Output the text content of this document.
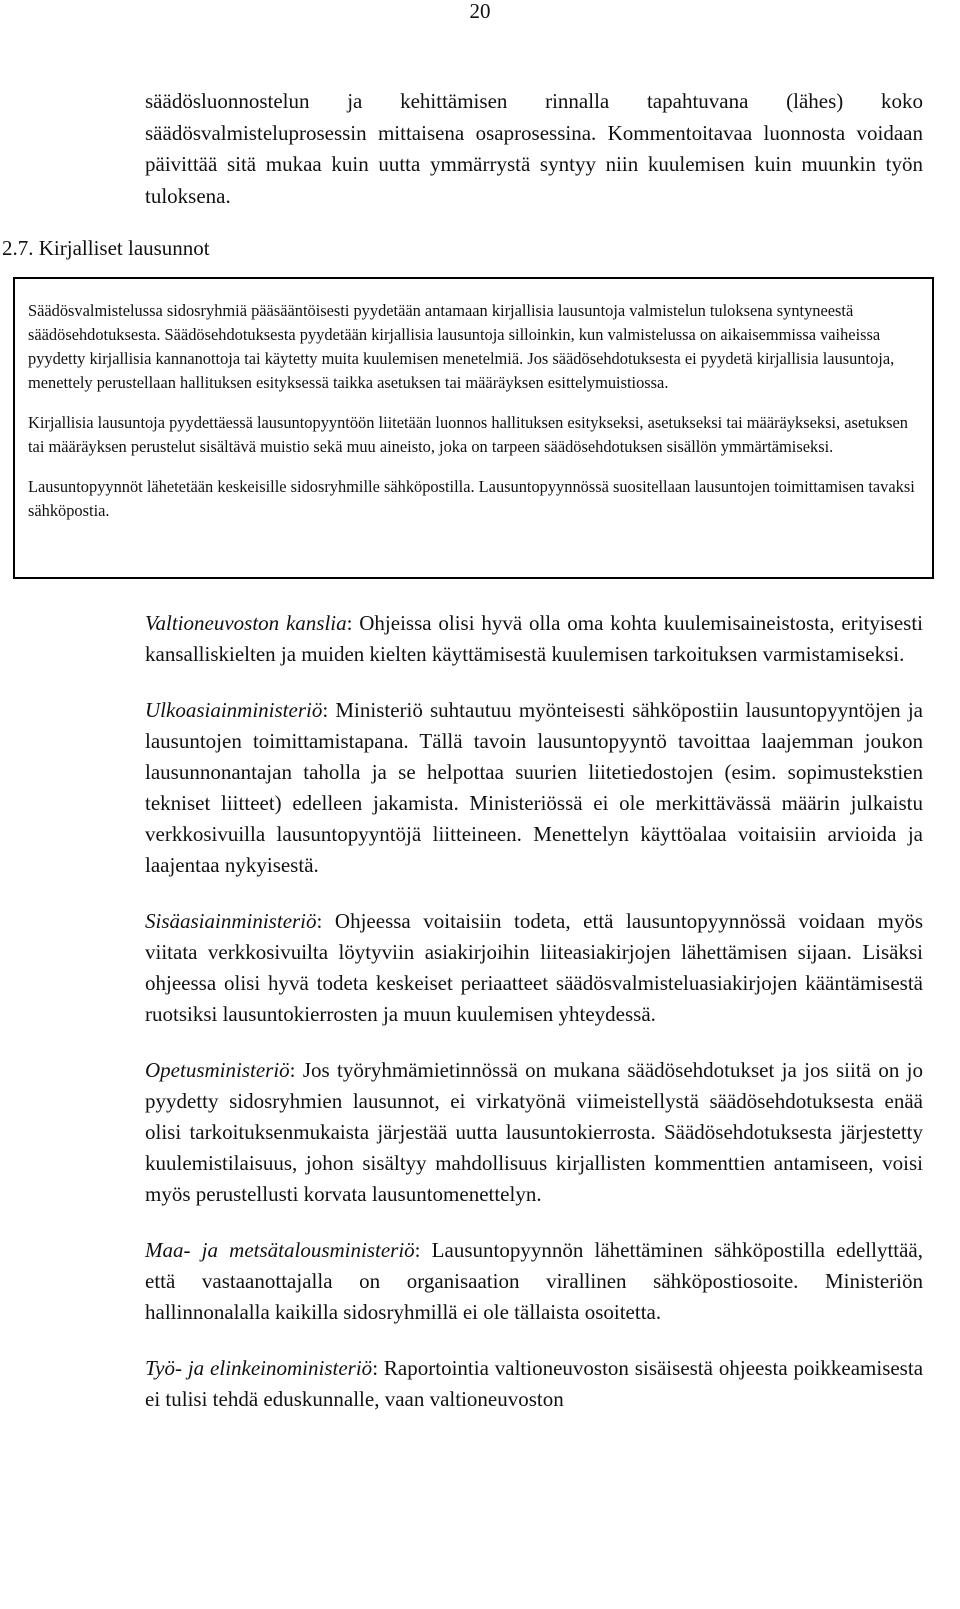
20

säädösluonnostelun ja kehittämisen rinnalla tapahtuvana (lähes) koko säädösvalmisteluprosessin mittaisena osaprosessina. Kommentoitavaa luonnosta voidaan päivittää sitä mukaa kuin uutta ymmärrystä syntyy niin kuulemisen kuin muunkin työn tuloksena.

2.7. Kirjalliset lausunnot

Säädösvalmistelussa sidosryhmiä pääsääntöisesti pyydetään antamaan kirjallisia lausuntoja valmistelun tuloksena syntyneestä säädösehdotuksesta. Säädösehdotuksesta pyydetään kirjallisia lausuntoja silloinkin, kun valmistelussa on aikaisemmissa vaiheissa pyydetty kirjallisia kannanottoja tai käytetty muita kuulemisen menetelmiä. Jos säädösehdotuksesta ei pyydetä kirjallisia lausuntoja, menettely perustellaan hallituksen esityksessä taikka asetuksen tai määräyksen esittelymuistiossa.

Kirjallisia lausuntoja pyydettäessä lausuntopyyntöön liitetään luonnos hallituksen esitykseksi, asetukseksi tai määräykseksi, asetuksen tai määräyksen perustelut sisältävä muistio sekä muu aineisto, joka on tarpeen säädösehdotuksen sisällön ymmärtämiseksi.

Lausuntopyynnöt lähetetään keskeisille sidosryhmille sähköpostilla. Lausuntopyynnössä suositellaan lausuntojen toimittamisen tavaksi sähköpostia.

Valtioneuvoston kanslia: Ohjeissa olisi hyvä olla oma kohta kuulemisaineistosta, erityisesti kansalliskielten ja muiden kielten käyttämisestä kuulemisen tarkoituksen varmistamiseksi.

Ulkoasiainministeriö: Ministeriö suhtautuu myönteisesti sähköpostiin lausuntopyyntöjen ja lausuntojen toimittamistapana. Tällä tavoin lausuntopyyntö tavoittaa laajemman joukon lausunnonantajan taholla ja se helpottaa suurien liitetiedostojen (esim. sopimustekstien tekniset liitteet) edelleen jakamista. Ministeriössä ei ole merkittävässä määrin julkaistu verkkosivuilla lausuntopyyntöjä liitteineen. Menettelyn käyttöalaa voitaisiin arvioida ja laajentaa nykyisestä.

Sisäasiainministeriö: Ohjeessa voitaisiin todeta, että lausuntopyynnössä voidaan myös viitata verkkosivuilta löytyviin asiakirjoihin liiteasiakirjojen lähettämisen sijaan. Lisäksi ohjeessa olisi hyvä todeta keskeiset periaatteet säädösvalmisteluasiakirjojen kääntämisestä ruotsiksi lausuntokierrosten ja muun kuulemisen yhteydessä.

Opetusministeriö: Jos työryhmämietinnössä on mukana säädösehdotukset ja jos siitä on jo pyydetty sidosryhmien lausunnot, ei virkatyönä viimeistellystä säädösehdotuksesta enää olisi tarkoituksenmukaista järjestää uutta lausuntokierrosta. Säädösehdotuksesta järjestetty kuulemistilaisuus, johon sisältyy mahdollisuus kirjallisten kommenttien antamiseen, voisi myös perustellusti korvata lausuntomenettelyn.

Maa- ja metsätalousministeriö: Lausuntopyynnön lähettäminen sähköpostilla edellyttää, että vastaanottajalla on organisaation virallinen sähköpostiosoite. Ministeriön hallinnonalalla kaikilla sidosryhmillä ei ole tällaista osoitetta.

Työ- ja elinkeinoministeriö: Raportointia valtioneuvoston sisäisestä ohjeesta poikkeamisesta ei tulisi tehdä eduskunnalle, vaan valtioneuvoston
